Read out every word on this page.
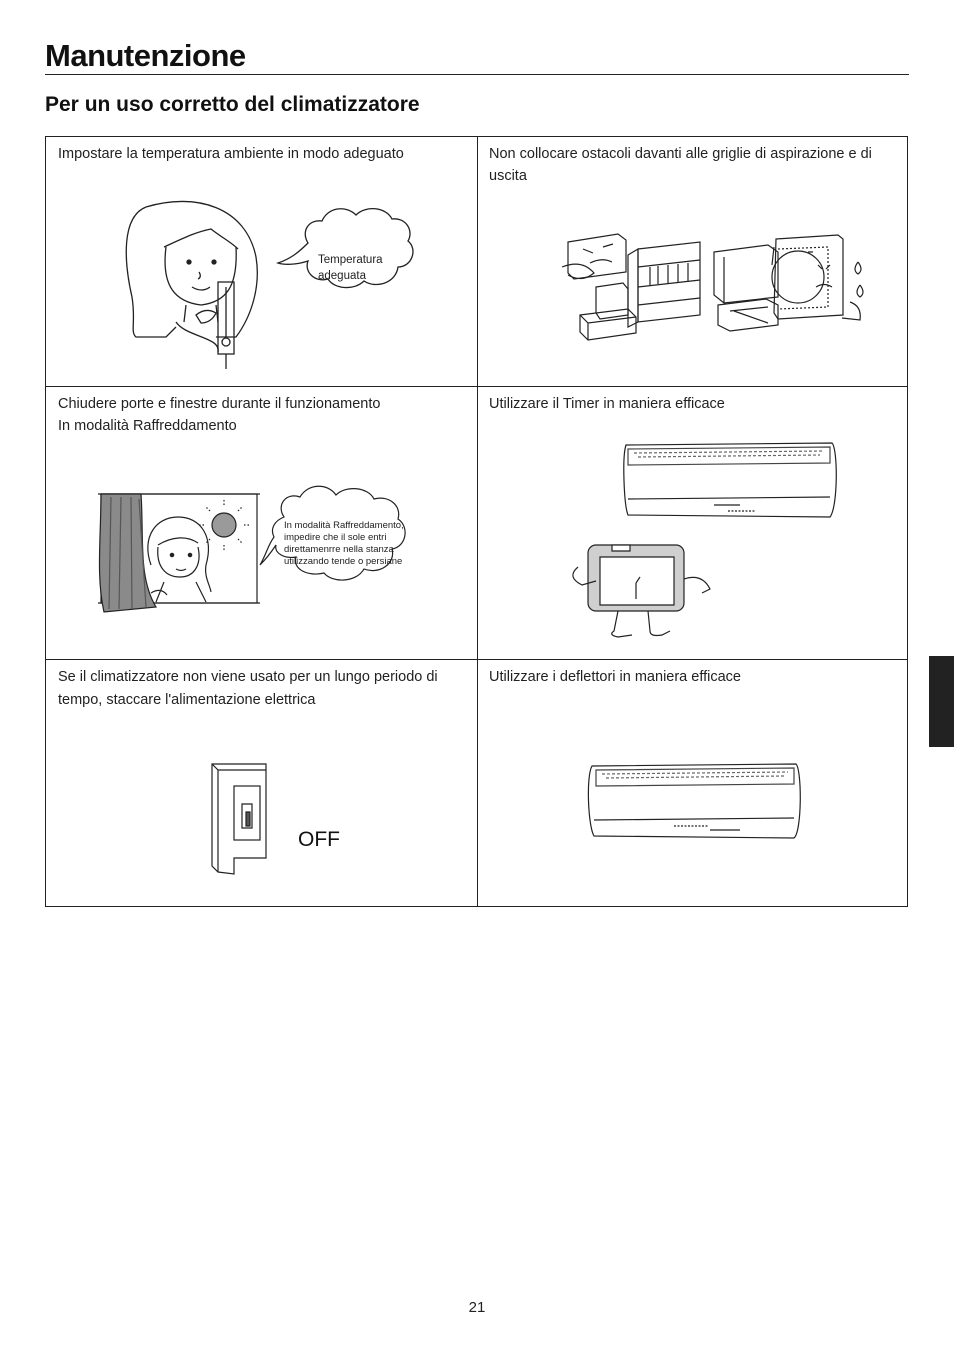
Manutenzione
Per un uso corretto del climatizzatore
Impostare la temperatura ambiente in modo adeguato
Temperatura
adeguata
Non collocare ostacoli davanti alle griglie di aspirazione e di
uscita
Chiudere porte e finestre durante il funzionamento
In modalità Raffreddamento
In modalità Raffreddamento,
impedire che il sole entri
direttamenrre nella stanza
utilizzando tende o persiane
Utilizzare il Timer in maniera efficace
Se il climatizzatore non viene usato per un lungo periodo di
tempo, staccare l'alimentazione elettrica
OFF
Utilizzare i deflettori in maniera efficace
21
